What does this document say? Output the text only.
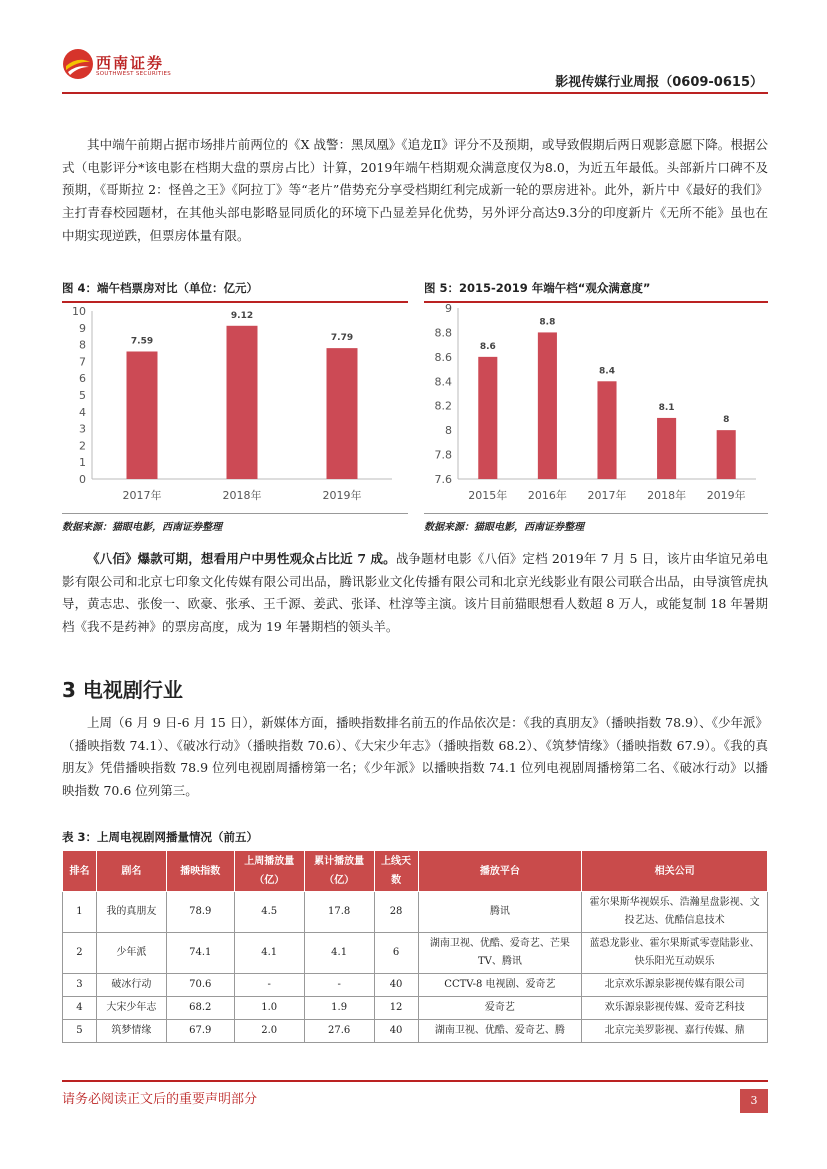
西南证券
SOUTHWEST SECURITIES
影视传媒行业周报（0609-0615）

其中端午前期占据市场排片前两位的《X 战警：黑凤凰》《追龙Ⅱ》评分不及预期，或导致假期后两日观影意愿下降。根据公式（电影评分*该电影在档期大盘的票房占比）计算，2019年端午档期观众满意度仅为8.0，为近五年最低。头部新片口碑不及预期，《哥斯拉 2：怪兽之王》《阿拉丁》等“老片”借势充分享受档期红利完成新一轮的票房进补。此外，新片中《最好的我们》主打青春校园题材，在其他头部电影略显同质化的环境下凸显差异化优势，另外评分高达9.3分的印度新片《无所不能》虽也在中期实现逆跌，但票房体量有限。

图 4：端午档票房对比（单位：亿元）	图 5：2015-2019 年端午档“观众满意度”
0
1
2
3
4
5
6
7
8
9
10
7.59
2017年
9.12
2018年
7.79
2019年
7.6
7.8
8
8.2
8.4
8.6
8.8
9
8.6
2015年
8.8
2016年
8.4
2017年
8.1
2018年
8
2019年
数据来源：猫眼电影，西南证券整理	数据来源：猫眼电影，西南证券整理

《八佰》爆款可期，想看用户中男性观众占比近 7 成。战争题材电影《八佰》定档 2019年 7 月 5 日，该片由华谊兄弟电影有限公司和北京七印象文化传媒有限公司出品，腾讯影业文化传播有限公司和北京光线影业有限公司联合出品，由导演管虎执导，黄志忠、张俊一、欧豪、张承、王千源、姜武、张译、杜淳等主演。该片目前猫眼想看人数超 8 万人，或能复制 18 年暑期档《我不是药神》的票房高度，成为 19 年暑期档的领头羊。

3 电视剧行业

上周（6 月 9 日-6 月 15 日），新媒体方面，播映指数排名前五的作品依次是：《我的真朋友》（播映指数 78.9）、《少年派》（播映指数 74.1）、《破冰行动》（播映指数 70.6）、《大宋少年志》（播映指数 68.2）、《筑梦情缘》（播映指数 67.9）。《我的真朋友》凭借播映指数 78.9 位列电视剧周播榜第一名；《少年派》以播映指数 74.1 位列电视剧周播榜第二名、《破冰行动》以播映指数 70.6 位列第三。

表 3：上周电视剧网播量情况（前五）
排名	剧名	播映指数	上周播放量（亿）	累计播放量（亿）	上线天数	播放平台	相关公司
1	我的真朋友	78.9	4.5	17.8	28	腾讯	霍尔果斯华视娱乐、浩瀚星盘影视、文投艺达、优酷信息技术
2	少年派	74.1	4.1	4.1	6	湖南卫视、优酷、爱奇艺、芒果 TV、腾讯	蓝恐龙影业、霍尔果斯贰零壹陆影业、快乐阳光互动娱乐
3	破冰行动	70.6	-	-	40	CCTV-8 电视剧、爱奇艺	北京欢乐源泉影视传媒有限公司
4	大宋少年志	68.2	1.0	1.9	12	爱奇艺	欢乐源泉影视传媒、爱奇艺科技
5	筑梦情缘	67.9	2.0	27.6	40	湖南卫视、优酷、爱奇艺、腾	北京完美罗影视、嘉行传媒、鼎
请务必阅读正文后的重要声明部分	3
